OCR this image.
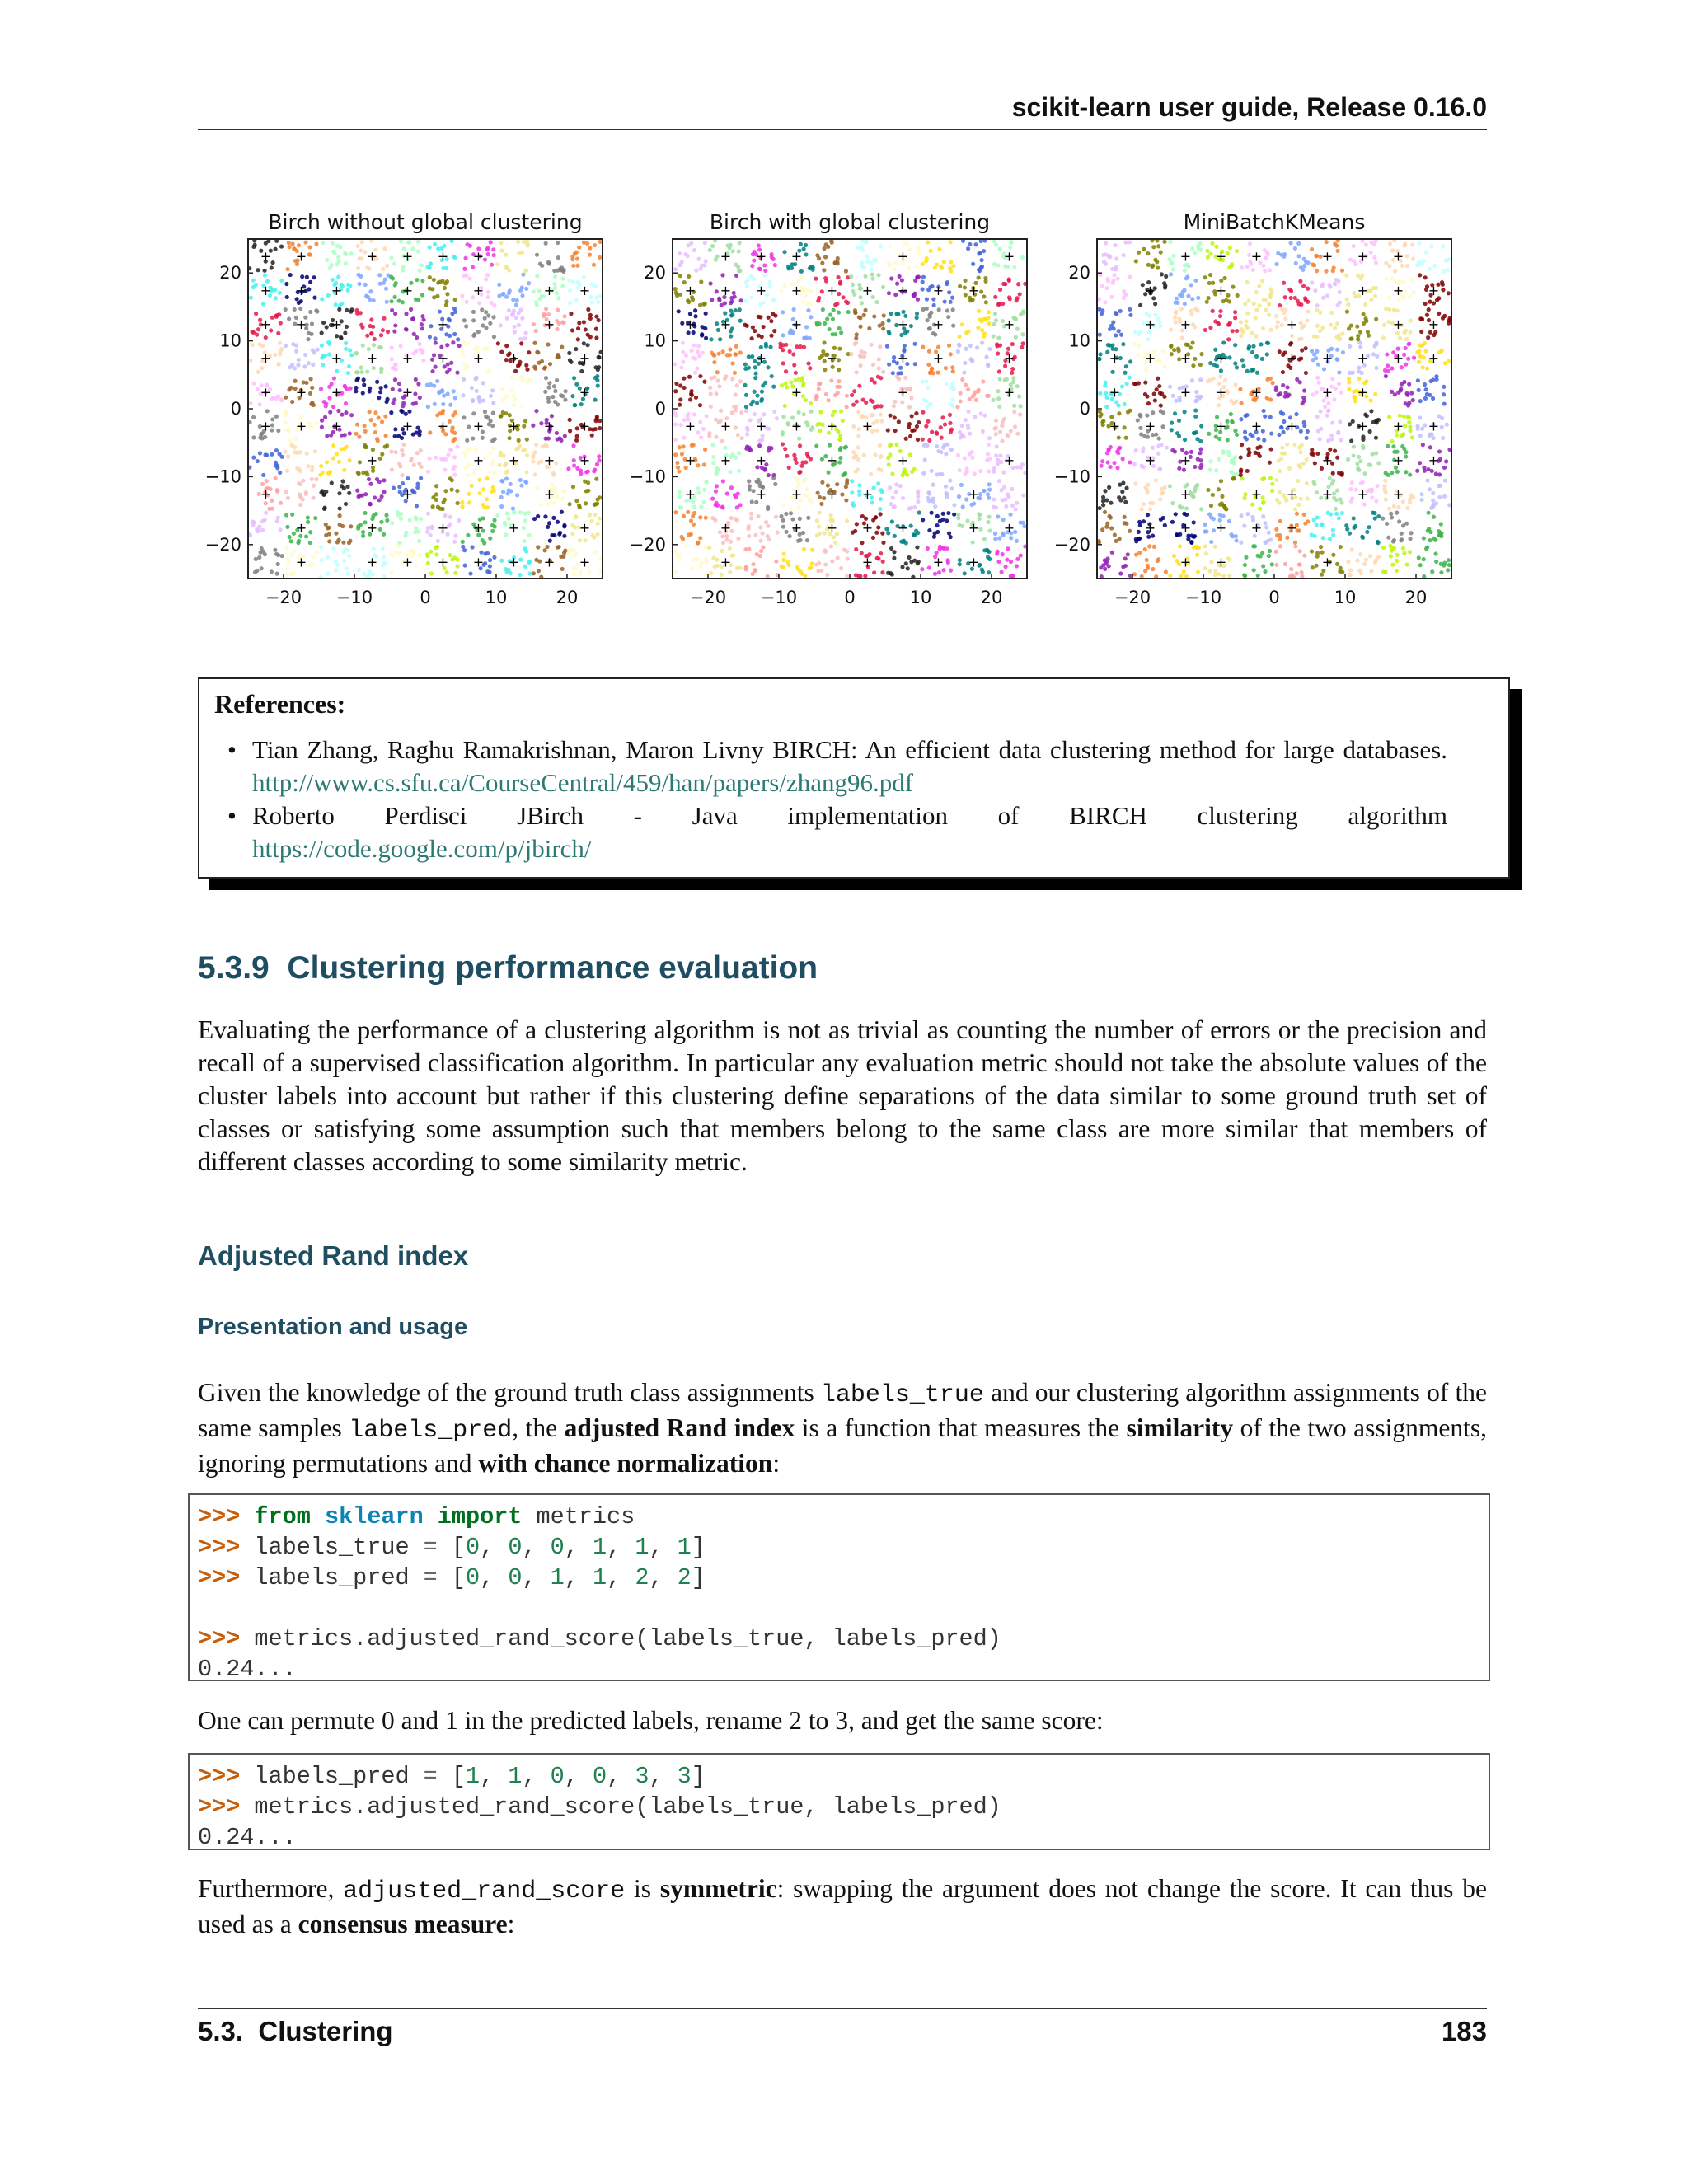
scikit-learn user guide, Release 0.16.0
Birch without global clustering
+
+
+
+
+
+
+
+
+
+
+
+
+
+
+
+
+
+
+
+
+
+
+
+
+
+
+
+
+
+
+
+
+
+
+
+
+
+
+
+
+
+
+
+
+
+
+
+
+
+
+
+
+
+
+
+
+
+
+
+
+
+
−20 −10	0	10	20
20
10
0
−10
−20
Birch with global clustering
+
+
+
+
+
+
+
+
+
+
+
+
+
+
+
+
+
+
+
+
+
+
+
+
+
+
+
+
+
+
+
+
+
+
+
+
+
+
+
+
+
+
+
+
+
+
+
+
+
+
+
+
+
+
+
+
+
−20 −10	0	10	20
20
10
0
−10
−20
MiniBatchKMeans
+
+
+
+
+
+
+
+
+
+
+
+
+
+
+
+
+
+
+
+
+
+
+
+
+
+
+
+
+
+
+
+
+
+
+
+
+
+
+
+
+
+
+
+
+
+
+
+
+
+
+
+
+
+
+
+
+
+
−20 −10	0	10	20
20
10
0
−10
−20
References:
• Tian Zhang, Raghu Ramakrishnan, Maron Livny BIRCH: An efficient data clustering method for large databases. http://www.cs.sfu.ca/CourseCentral/459/han/papers/zhang96.pdf
• Roberto Perdisci JBirch - Java implementation of BIRCH clustering algorithm
https://code.google.com/p/jbirch/
5.3.9  Clustering performance evaluation
Evaluating the performance of a clustering algorithm is not as trivial as counting the number of errors or the precision and recall of a supervised classification algorithm. In particular any evaluation metric should not take the absolute values of the cluster labels into account but rather if this clustering define separations of the data similar to some ground truth set of classes or satisfying some assumption such that members belong to the same class are more similar that members of different classes according to some similarity metric.
Adjusted Rand index
Presentation and usage
Given the knowledge of the ground truth class assignments labels_true and our clustering algorithm assignments of the same samples labels_pred, the adjusted Rand index is a function that measures the similarity of the two assignments, ignoring permutations and with chance normalization:
>>> from sklearn import metrics
>>> labels_true = [0, 0, 0, 1, 1, 1]
>>> labels_pred = [0, 0, 1, 1, 2, 2]

>>> metrics.adjusted_rand_score(labels_true, labels_pred)
0.24...
One can permute 0 and 1 in the predicted labels, rename 2 to 3, and get the same score:
>>> labels_pred = [1, 1, 0, 0, 3, 3]
>>> metrics.adjusted_rand_score(labels_true, labels_pred)
0.24...
Furthermore, adjusted_rand_score is symmetric: swapping the argument does not change the score. It can thus be used as a consensus measure:
5.3.  Clustering	183
